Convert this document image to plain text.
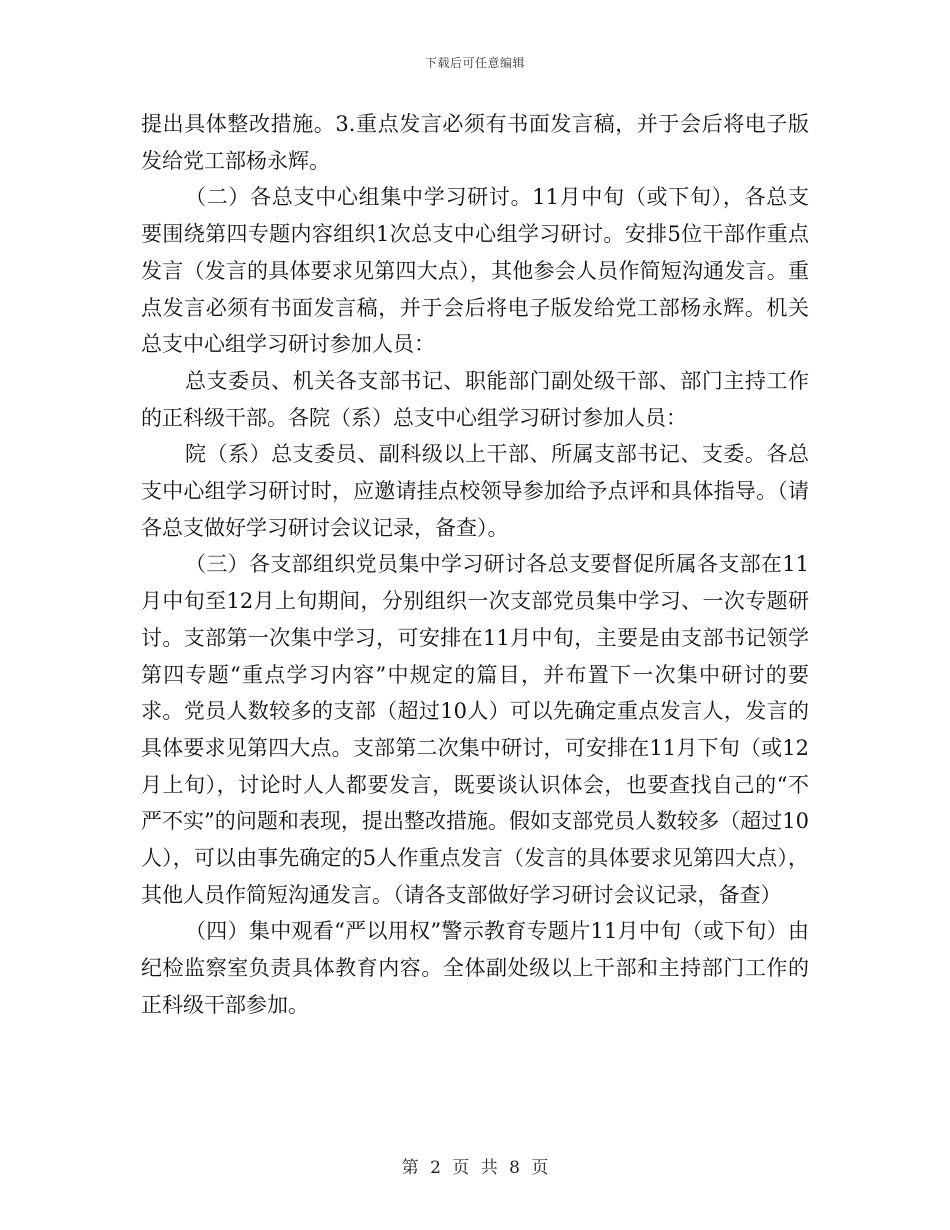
下载后可任意编辑

提出具体整改措施。3.重点发言必须有书面发言稿，并于会后将电子版发给党工部杨永辉。

（二）各总支中心组集中学习研讨。11月中旬（或下旬），各总支要围绕第四专题内容组织1次总支中心组学习研讨。安排5位干部作重点发言（发言的具体要求见第四大点），其他参会人员作简短沟通发言。重点发言必须有书面发言稿，并于会后将电子版发给党工部杨永辉。机关总支中心组学习研讨参加人员：

总支委员、机关各支部书记、职能部门副处级干部、部门主持工作的正科级干部。各院（系）总支中心组学习研讨参加人员：

院（系）总支委员、副科级以上干部、所属支部书记、支委。各总支中心组学习研讨时，应邀请挂点校领导参加给予点评和具体指导。（请各总支做好学习研讨会议记录，备查）。

（三）各支部组织党员集中学习研讨各总支要督促所属各支部在11月中旬至12月上旬期间，分别组织一次支部党员集中学习、一次专题研讨。支部第一次集中学习，可安排在11月中旬，主要是由支部书记领学第四专题“重点学习内容”中规定的篇目，并布置下一次集中研讨的要求。党员人数较多的支部（超过10人）可以先确定重点发言人，发言的具体要求见第四大点。支部第二次集中研讨，可安排在11月下旬（或12月上旬），讨论时人人都要发言，既要谈认识体会，也要查找自己的“不严不实”的问题和表现，提出整改措施。假如支部党员人数较多（超过10人），可以由事先确定的5人作重点发言（发言的具体要求见第四大点），其他人员作简短沟通发言。（请各支部做好学习研讨会议记录，备查）

（四）集中观看“严以用权”警示教育专题片11月中旬（或下旬）由纪检监察室负责具体教育内容。全体副处级以上干部和主持部门工作的正科级干部参加。

第 2 页 共 8 页
